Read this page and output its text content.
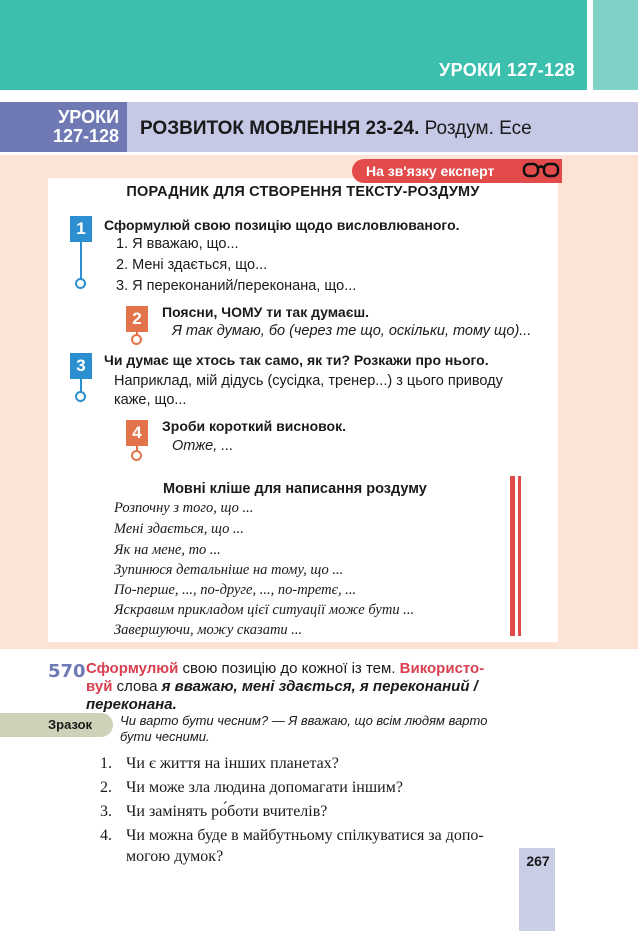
УРОКИ 127-128
УРОКИ
127-128 РОЗВИТОК МОВЛЕННЯ 23-24. Роздум. Есе
На зв'язку експерт
ПОРАДНИК ДЛЯ СТВОРЕННЯ ТЕКСТУ-РОЗДУМУ
1	Сформулюй свою позицію щодо висловлюваного.
1. Я вважаю, що...
2. Мені здається, що...
3. Я переконаний/переконана, що...
2	Поясни, ЧОМУ ти так думаєш.
Я так думаю, бо (через те що, оскільки, тому що)...
3	Чи думає ще хтось так само, як ти? Розкажи про нього.
Наприклад, мій дідусь (сусідка, тренер...) з цього приводу
каже, що...
4	Зроби короткий висновок.
Отже, ...
Мовні кліше для написання роздуму
Розпочну з того, що ...
Мені здається, що ...
Як на мене, то ...
Зупинюся детальніше на тому, що ...
По-перше, ..., по-друге, ..., по-третє, ...
Яскравим прикладом цієї ситуації може бути ...
Завершуючи, можу сказати ...
570 Сформулюй свою позицію до кожної із тем. Використо-
вуй слова я вважаю, мені здається, я переконаний /
переконана.
Зразок	Чи варто бути чесним? — Я вважаю, що всім людям варто
бути чесними.
1. Чи є життя на інших планетах?
2. Чи може зла людина допомагати іншим?
3. Чи замінять ро́боти вчителів?
4. Чи можна буде в майбутньому спілкуватися за допо-
могою думок?	267
